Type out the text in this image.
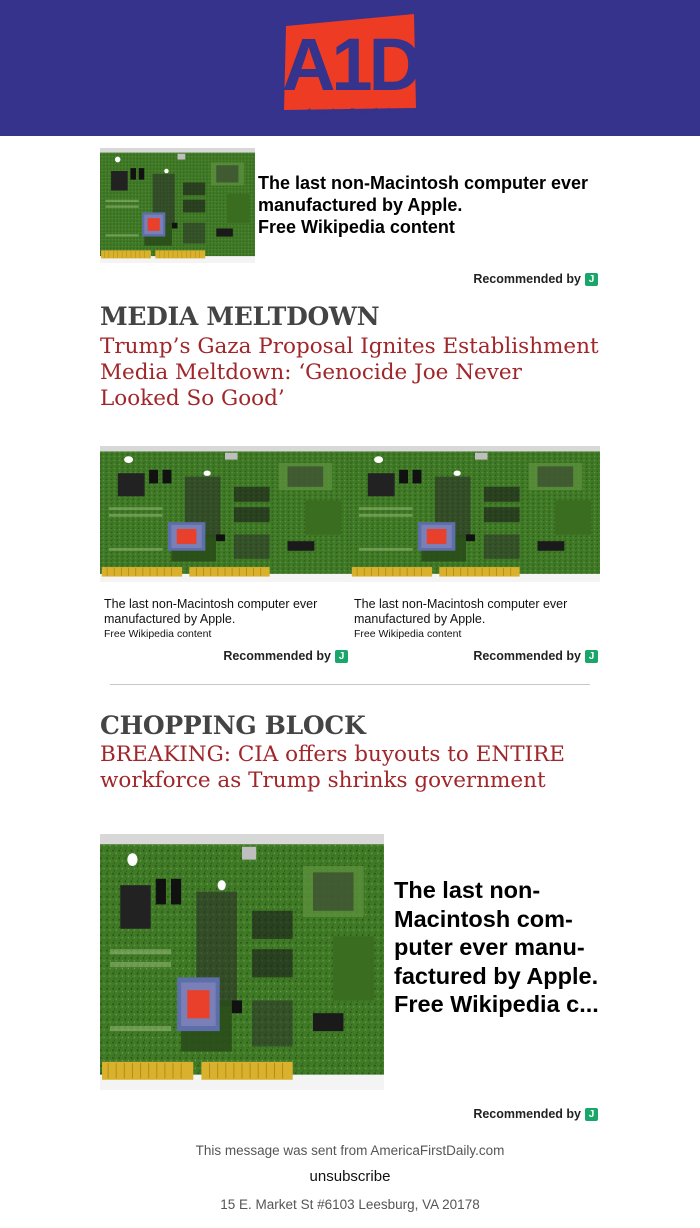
A1D
America first daily
The last non-Macintosh computer ever manufactured by Apple.
Free Wikipedia content
Recommended by J
MEDIA MELTDOWN
Trump’s Gaza Proposal Ignites Establishment Media Meltdown: ‘Genocide Joe Never Looked So Good’
The last non-Macintosh computer ever manufactured by Apple.
Free Wikipedia content
The last non-Macintosh computer ever manufactured by Apple.
Free Wikipedia content
Recommended by J	Recommended by J
CHOPPING BLOCK
BREAKING: CIA offers buyouts to ENTIRE workforce as Trump shrinks government
The last non-Macintosh com-puter ever manu-factured by Apple.
Free Wikipedia c...
Recommended by J
This message was sent from AmericaFirstDaily.com
unsubscribe
15 E. Market St #6103 Leesburg, VA 20178
